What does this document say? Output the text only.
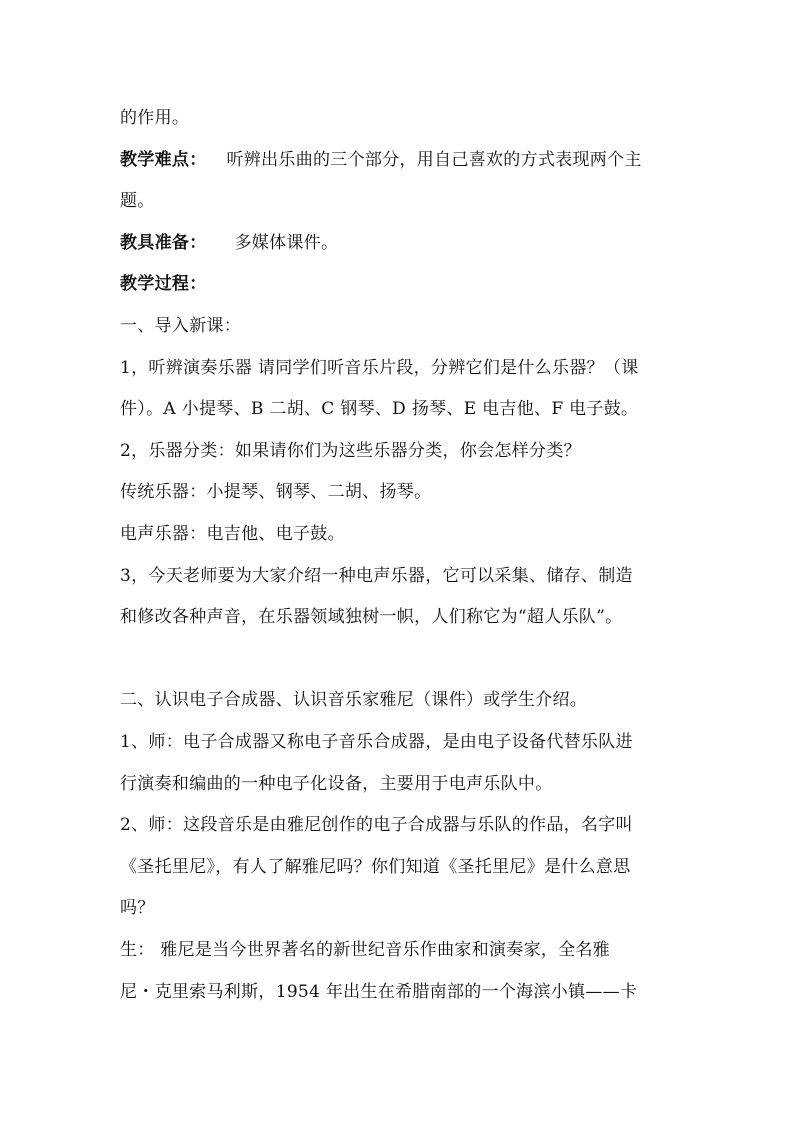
的作用。
教学难点： 听辨出乐曲的三个部分，用自己喜欢的方式表现两个主
题。
教具准备： 多媒体课件。
教学过程：
一、导入新课：
1，听辨演奏乐器 请同学们听音乐片段，分辨它们是什么乐器？（课
件）。A 小提琴、B 二胡、C 钢琴、D 扬琴、E 电吉他、F 电子鼓。
2，乐器分类：如果请你们为这些乐器分类，你会怎样分类？
传统乐器：小提琴、钢琴、二胡、扬琴。
电声乐器：电吉他、电子鼓。
3，今天老师要为大家介绍一种电声乐器，它可以采集、储存、制造
和修改各种声音，在乐器领域独树一帜，人们称它为“超人乐队”。
二、认识电子合成器、认识音乐家雅尼（课件）或学生介绍。
1、师：电子合成器又称电子音乐合成器，是由电子设备代替乐队进
行演奏和编曲的一种电子化设备，主要用于电声乐队中。
2、师：这段音乐是由雅尼创作的电子合成器与乐队的作品，名字叫
《圣托里尼》，有人了解雅尼吗？你们知道《圣托里尼》是什么意思
吗？
生： 雅尼是当今世界著名的新世纪音乐作曲家和演奏家，全名雅
尼・克里索马利斯，1954 年出生在希腊南部的一个海滨小镇——卡
